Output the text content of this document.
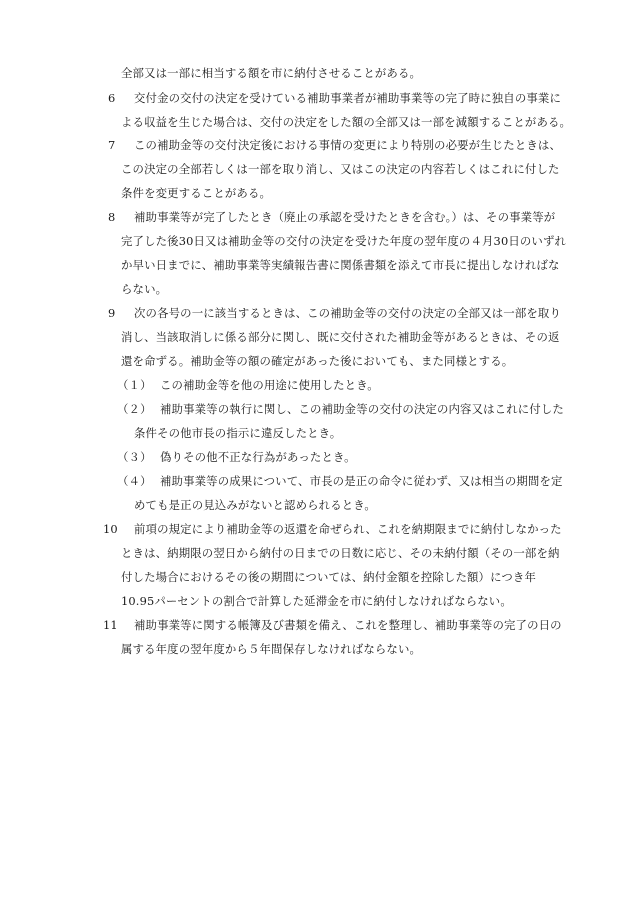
全部又は一部に相当する額を市に納付させることがある。
6 交付金の交付の決定を受けている補助事業者が補助事業等の完了時に独自の事業に
よる収益を生じた場合は、交付の決定をした額の全部又は一部を減額することがある。
7 この補助金等の交付決定後における事情の変更により特別の必要が生じたときは、
この決定の全部若しくは一部を取り消し、又はこの決定の内容若しくはこれに付した
条件を変更することがある。
8 補助事業等が完了したとき（廃止の承認を受けたときを含む。）は、その事業等が
完了した後30日又は補助金等の交付の決定を受けた年度の翌年度の４月30日のいずれ
か早い日までに、補助事業等実績報告書に関係書類を添えて市長に提出しなければな
らない。
9 次の各号の一に該当するときは、この補助金等の交付の決定の全部又は一部を取り
消し、当該取消しに係る部分に関し、既に交付された補助金等があるときは、その返
還を命ずる。補助金等の額の確定があった後においても、また同様とする。
（１） この補助金等を他の用途に使用したとき。
（２） 補助事業等の執行に関し、この補助金等の交付の決定の内容又はこれに付した
条件その他市長の指示に違反したとき。
（３） 偽りその他不正な行為があったとき。
（４） 補助事業等の成果について、市長の是正の命令に従わず、又は相当の期間を定
めても是正の見込みがないと認められるとき。
10 前項の規定により補助金等の返還を命ぜられ、これを納期限までに納付しなかった
ときは、納期限の翌日から納付の日までの日数に応じ、その未納付額（その一部を納
付した場合におけるその後の期間については、納付金額を控除した額）につき年
10.95パーセントの割合で計算した延滞金を市に納付しなければならない。
11 補助事業等に関する帳簿及び書類を備え、これを整理し、補助事業等の完了の日の
属する年度の翌年度から５年間保存しなければならない。
